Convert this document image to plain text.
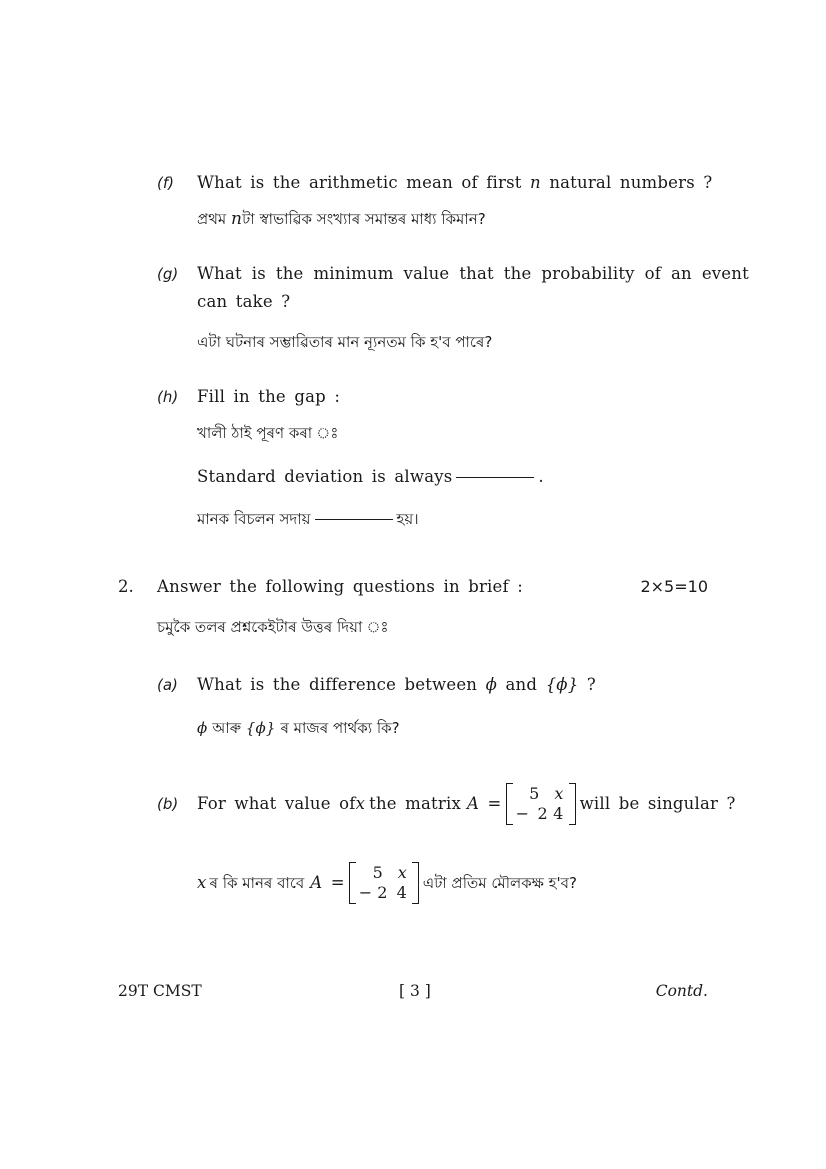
(f) What is the arithmetic mean of first n natural numbers ?
প্ৰথম nটা স্বাভাৱিক সংখ্যাৰ সমান্তৰ মাধ্য কিমান?
(g) What is the minimum value that the probability of an event
can take ?
এটা ঘটনাৰ সম্ভাৱিতাৰ মান ন্যূনতম কি হ'ব পাৰে?
(h) Fill in the gap :
খালী ঠাই পূৰণ কৰা ঃ
Standard deviation is always	.
মানক বিচলন সদায়	হয়।
2. Answer the following questions in brief :	2×5=10
চমুকৈ তলৰ প্ৰশ্নকেইটাৰ উত্তৰ দিয়া ঃ
(a) What is the difference between ϕ and {ϕ} ?
ϕ আৰু {ϕ} ৰ মাজৰ পাৰ্থক্য কি?
(b) For what value of x the matrix A =
5 x
− 2 4
will be singular ?
x ৰ কি মানৰ বাবে A =
5 x
− 2 4 এটা প্ৰতিম মৌলকক্ষ হ'ব?
29T CMST	[ 3 ]	Contd.
